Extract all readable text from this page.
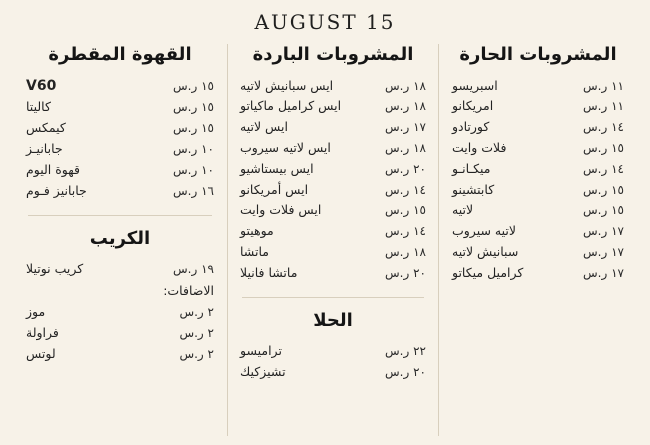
15 AUGUST
المشروبات الحارة
١١ ر.س
اسبريسو
١١ ر.س
امريكانو
١٤ ر.س
كورتادو
١٥ ر.س
فلات وايت
١٤ ر.س
ميكـانـو
١٥ ر.س
كابتشينو
١٥ ر.س
لاتيه
١٧ ر.س
لاتيه سيروب
١٧ ر.س
سبانيش لاتيه
١٧ ر.س
كراميل ميكاتو
المشروبات الباردة
١٨ ر.س
ايس سبانيش لاتيه
١٨ ر.س
ايس كراميل ماكياتو
١٧ ر.س
ايس لاتيه
١٨ ر.س
ايس لاتيه سيروب
٢٠ ر.س
ايس بيستاشيو
١٤ ر.س
ايس أمريكانو
١٥ ر.س
ايس فلات وايت
١٤ ر.س
موهيتو
١٨ ر.س
ماتشا
٢٠ ر.س
ماتشا فانيلا
الحلا
٢٢ ر.س
تراميسو
٢٠ ر.س
تشيزكيك
القهوة المقطرة
١٥ ر.س
V60
١٥ ر.س
كاليتا
١٥ ر.س
كيمكس
١٠ ر.س
جابانيـز
١٠ ر.س
قهوة اليوم
١٦ ر.س
جابانيز فـوم
الكريب
١٩ ر.س
كريب نوتيلا
الاضافات:
٢ ر.س
موز
٢ ر.س
فراولة
٢ ر.س
لوتس
